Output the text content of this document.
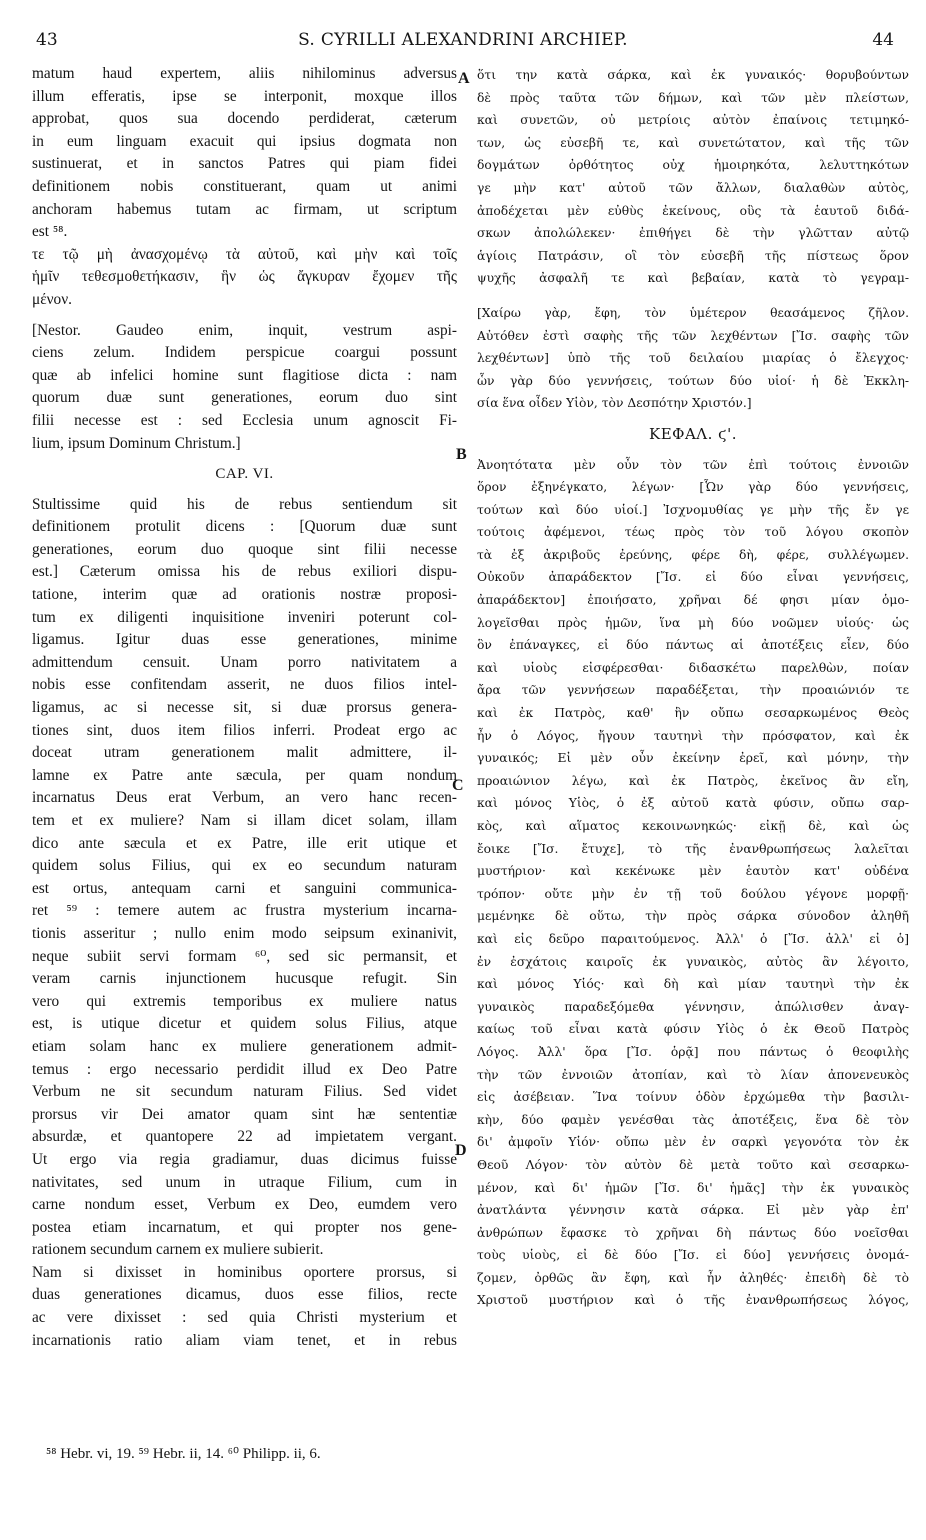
43	S. CYRILLI ALEXANDRINI ARCHIEP.	44
matum haud expertem, aliis nihilominus adversus
illum efferatis, ipse se interponit, moxque illos
approbat, quos sua docendo perdiderat, cæterum
in eum linguam exacuit qui ipsius dogmata non
sustinuerat, et in sanctos Patres qui piam fidei
definitionem nobis constituerant, quam ut animi
anchoram habemus tutam ac firmam, ut scriptum
est ⁵⁸.
τε τῷ μὴ ἀνασχομένῳ τὰ αὐτοῦ, καὶ μὴν καὶ τοῖς
ἡμῖν τεθεσμοθετήκασιν, ἣν ὡς ἄγκυραν ἔχομεν τῆς
μένον.
[Nestor. Gaudeo enim, inquit, vestrum aspi-
ciens zelum. Indidem perspicue coargui possunt
quæ ab infelici homine sunt flagitiose dicta : nam
quorum duæ sunt generationes, eorum duo sint
filii necesse est : sed Ecclesia unum agnoscit Fi-
lium, ipsum Dominum Christum.]
CAP. VI.
Stultissime quid his de rebus sentiendum sit
definitionem protulit dicens : [Quorum duæ sunt
generationes, eorum duo quoque sint filii necesse
est.] Cæterum omissa his de rebus exiliori dispu-
tatione, interim quæ ad orationis nostræ proposi-
tum ex diligenti inquisitione inveniri poterunt col-
ligamus. Igitur duas esse generationes, minime
admittendum censuit. Unam porro nativitatem a
nobis esse confitendam asserit, ne duos filios intel-
ligamus, ac si necesse sit, si duæ prorsus genera-
tiones sint, duos item filios inferri. Prodeat ergo ac
doceat utram generationem malit admittere, il-
lamne ex Patre ante sæcula, per quam nondum
incarnatus Deus erat Verbum, an vero hanc recen-
tem et ex muliere? Nam si illam dicet solam, illam
dico ante sæcula et ex Patre, ille erit utique et
quidem solus Filius, qui ex eo secundum naturam
est ortus, antequam carni et sanguini communica-
ret ⁵⁹ : temere autem ac frustra mysterium incarna-
tionis asseritur ; nullo enim modo seipsum exinanivit,
neque subiit servi formam ⁶⁰, sed sic permansit, et
veram carnis injunctionem hucusque refugit. Sin
vero qui extremis temporibus ex muliere natus
est, is utique dicetur et quidem solus Filius, atque
etiam solam hanc ex muliere generationem admit-
temus : ergo necessario perdidit illud ex Deo Patre
Verbum ne sit secundum naturam Filius. Sed videt
prorsus vir Dei amator quam sint hæ sententiæ
absurdæ, et quantopere 22 ad impietatem vergant.
Ut ergo via regia gradiamur, duas dicimus fuisse
nativitates, sed unum in utraque Filium, cum in
carne nondum esset, Verbum ex Deo, eumdem vero
postea etiam incarnatum, et qui propter nos gene-
rationem secundum carnem ex muliere subierit.
Nam si dixisset in hominibus oportere prorsus, si
duas generationes dicamus, duos esse filios, recte
ac vere dixisset : sed quia Christi mysterium et
incarnationis ratio aliam viam tenet, et in rebus
ὅτι την κατὰ σάρκα, καὶ ἐκ γυναικός· θορυβούντων
δὲ πρὸς ταῦτα τῶν δήμων, καὶ τῶν μὲν πλείστων,
καὶ συνετῶν, οὐ μετρίοις αὐτὸν ἐπαίνοις τετιμηκό-
των, ὡς εὐσεβῆ τε, καὶ συνετώτατον, καὶ τῆς τῶν
δογμάτων ὀρθότητος οὐχ ἡμοιρηκότα, λελυττηκότων
γε μὴν κατ' αὐτοῦ τῶν ἄλλων, διαλαθὼν αὐτὸς,
ἀποδέχεται μὲν εὐθὺς ἐκείνους, οὓς τὰ ἑαυτοῦ διδά-
σκων ἀπολώλεκεν· ἐπιθήγει δὲ τὴν γλῶτταν αὐτῷ
ἁγίοις Πατράσιν, οἳ τὸν εὐσεβῆ τῆς πίστεως ὅρον
ψυχῆς ἀσφαλῆ τε καὶ βεβαίαν, κατὰ τὸ γεγραμ-
[Χαίρω γὰρ, ἔφη, τὸν ὑμέτερον θεασάμενος ζῆλον.
Αὐτόθεν ἐστὶ σαφὴς τῆς τῶν λεχθέντων [Ἴσ. σαφὴς τῶν
λεχθέντων] ὑπὸ τῆς τοῦ δειλαίου μιαρίας ὁ ἔλεγχος·
ὧν γὰρ δύο γεννήσεις, τούτων δύο υἱοί· ἡ δὲ Ἐκκλη-
σία ἕνα οἶδεν Υἱὸν, τὸν Δεσπότην Χριστόν.]
ΚΕΦΑΛ. ϛ'.
Ἀνοητότατα μὲν οὖν τὸν τῶν ἐπὶ τούτοις ἐννοιῶν
ὅρον ἐξηνέγκατο, λέγων· [Ὧν γὰρ δύο γεννήσεις,
τούτων καὶ δύο υἱοί.] Ἰσχνομυθίας γε μὴν τῆς ἔν γε
τούτοις ἀφέμενοι, τέως πρὸς τὸν τοῦ λόγου σκοπὸν
τὰ ἐξ ἀκριβοῦς ἐρεύνης, φέρε δὴ, φέρε, συλλέγωμεν.
Οὐκοῦν ἀπαράδεκτον [Ἴσ. εἰ δύο εἶναι γεννήσεις,
ἀπαράδεκτον] ἐποιήσατο, χρῆναι δέ φησι μίαν ὁμο-
λογεῖσθαι πρὸς ἡμῶν, ἵνα μὴ δύο νοῶμεν υἱούς· ὡς
ὃν ἐπάναγκες, εἰ δύο πάντως αἱ ἀποτέξεις εἶεν, δύο
καὶ υἱοὺς εἰσφέρεσθαι· διδασκέτω παρελθὼν, ποίαν
ἄρα τῶν γεννήσεων παραδέξεται, τὴν προαιώνιόν τε
καὶ ἐκ Πατρὸς, καθ' ἣν οὔπω σεσαρκωμένος Θεὸς
ἦν ὁ Λόγος, ἤγουν ταυτηνὶ τὴν πρόσφατον, καὶ ἐκ
γυναικός; Εἰ μὲν οὖν ἐκείνην ἐρεῖ, καὶ μόνην, τὴν
προαιώνιον λέγω, καὶ ἐκ Πατρὸς, ἐκεῖνος ἂν εἴη,
καὶ μόνος Υἱὸς, ὁ ἐξ αὐτοῦ κατὰ φύσιν, οὔπω σαρ-
κὸς, καὶ αἵματος κεκοινωνηκώς· εἰκῇ δὲ, καὶ ὡς
ἔοικε [Ἴσ. ἔτυχε], τὸ τῆς ἐνανθρωπήσεως λαλεῖται
μυστήριον· καὶ κεκένωκε μὲν ἑαυτὸν κατ' οὐδένα
τρόπον· οὔτε μὴν ἐν τῇ τοῦ δούλου γέγονε μορφῇ·
μεμένηκε δὲ οὕτω, τὴν πρὸς σάρκα σύνοδον ἀληθῆ
καὶ εἰς δεῦρο παραιτούμενος. Ἀλλ' ὁ [Ἴσ. ἀλλ' εἰ ὁ]
ἐν ἐσχάτοις καιροῖς ἐκ γυναικὸς, αὐτὸς ἂν λέγοιτο,
καὶ μόνος Υἱός· καὶ δὴ καὶ μίαν ταυτηνὶ τὴν ἐκ
γυναικὸς παραδεξόμεθα γέννησιν, ἀπώλισθεν ἀναγ-
καίως τοῦ εἶναι κατὰ φύσιν Υἱὸς ὁ ἐκ Θεοῦ Πατρὸς
Λόγος. Ἀλλ' ὅρα [Ἴσ. ὁρᾷ] που πάντως ὁ θεοφιλὴς
τὴν τῶν ἐννοιῶν ἀτοπίαν, καὶ τὸ λίαν ἀπονενευκὸς
εἰς ἀσέβειαν. Ἵνα τοίνυν ὁδὸν ἐρχώμεθα τὴν βασιλι-
κὴν, δύο φαμὲν γενέσθαι τὰς ἀποτέξεις, ἕνα δὲ τὸν
δι' ἀμφοῖν Υἱόν· οὔπω μὲν ἐν σαρκὶ γεγονότα τὸν ἐκ
Θεοῦ Λόγον· τὸν αὐτὸν δὲ μετὰ τοῦτο καὶ σεσαρκω-
μένον, καὶ δι' ἡμῶν [Ἴσ. δι' ἡμᾶς] τὴν ἐκ γυναικὸς
ἀνατλάντα γέννησιν κατὰ σάρκα. Εἰ μὲν γὰρ ἐπ'
ἀνθρώπων ἔφασκε τὸ χρῆναι δὴ πάντως δύο νοεῖσθαι
τοὺς υἱοὺς, εἰ δὲ δύο [Ἴσ. εἰ δύο] γεννήσεις ὀνομά-
ζομεν, ὀρθῶς ἂν ἔφη, καὶ ἦν ἀληθές· ἐπειδὴ δὲ τὸ
Χριστοῦ μυστήριον καὶ ὁ τῆς ἐνανθρωπήσεως λόγος,
A
B
C
D
⁵⁸ Hebr. vi, 19. ⁵⁹ Hebr. ii, 14. ⁶⁰ Philipp. ii, 6.
